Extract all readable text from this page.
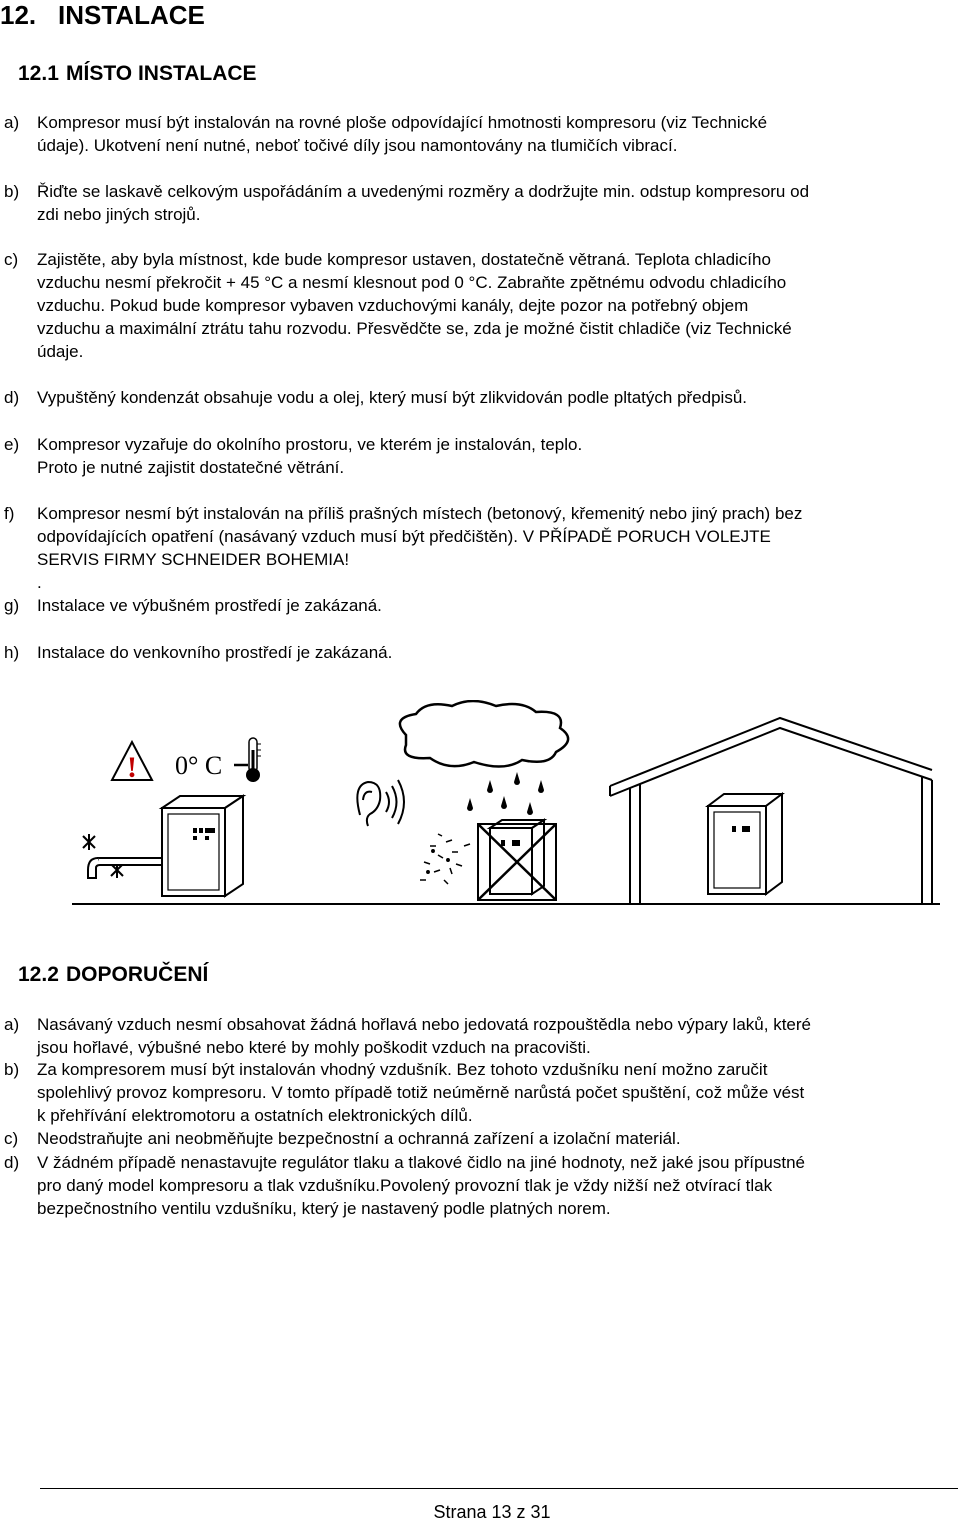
12. INSTALACE
12.1 MÍSTO INSTALACE
a)	Kompresor musí být instalován na rovné ploše odpovídající hmotnosti kompresoru (viz Technické

údaje). Ukotvení není nutné, neboť točivé díly jsou namontovány na tlumičích vibrací.

b)	Řiďte se laskavě celkovým uspořádáním a uvedenými rozměry a dodržujte min. odstup kompresoru od

zdi nebo jiných strojů.

c)	Zajistěte, aby byla místnost, kde bude kompresor ustaven, dostatečně větraná. Teplota chladicího

vzduchu nesmí překročit + 45 °C a nesmí klesnout pod 0 °C. Zabraňte zpětnému odvodu chladicího

vzduchu. Pokud bude kompresor vybaven vzduchovými kanály, dejte pozor na potřebný objem

vzduchu a maximální ztrátu tahu rozvodu. Přesvědčte se, zda je možné čistit chladiče (viz Technické

údaje.

d)	Vypuštěný kondenzát obsahuje vodu a olej, který musí být zlikvidován podle pltatých předpisů.

e)	Kompresor vyzařuje do okolního prostoru, ve kterém je instalován, teplo.

Proto je nutné zajistit dostatečné větrání.

f)	Kompresor nesmí být instalován na příliš prašných místech (betonový, křemenitý nebo jiný prach) bez

odpovídajících opatření (nasávaný vzduch musí být předčištěn). V PŘÍPADĚ PORUCH VOLEJTE

SERVIS FIRMY SCHNEIDER BOHEMIA!

.

g)	Instalace ve výbušném prostředí je zakázaná.

h)	Instalace do venkovního prostředí je zakázaná.

! 0° C
12.2 DOPORUČENÍ
a)	Nasávaný vzduch nesmí obsahovat žádná hořlavá nebo jedovatá rozpouštědla nebo výpary laků, které

jsou hořlavé, výbušné nebo které by mohly poškodit vzduch na pracovišti.

b)	Za kompresorem musí být instalován vhodný vzdušník. Bez tohoto vzdušníku není možno zaručit

spolehlivý provoz kompresoru. V tomto případě totiž neúměrně narůstá počet spuštění, což může vést

k přehřívání elektromotoru a ostatních elektronických dílů.

c)	Neodstraňujte ani neobměňujte bezpečnostní a ochranná zařízení a izolační materiál.

d)	V žádném případě nenastavujte regulátor tlaku a tlakové čidlo na jiné hodnoty, než jaké jsou přípustné

pro daný model kompresoru a tlak vzdušníku.Povolený provozní tlak je vždy nižší než otvírací tlak

bezpečnostního ventilu vzdušníku, který je nastavený podle platných norem.

Strana 13 z 31
